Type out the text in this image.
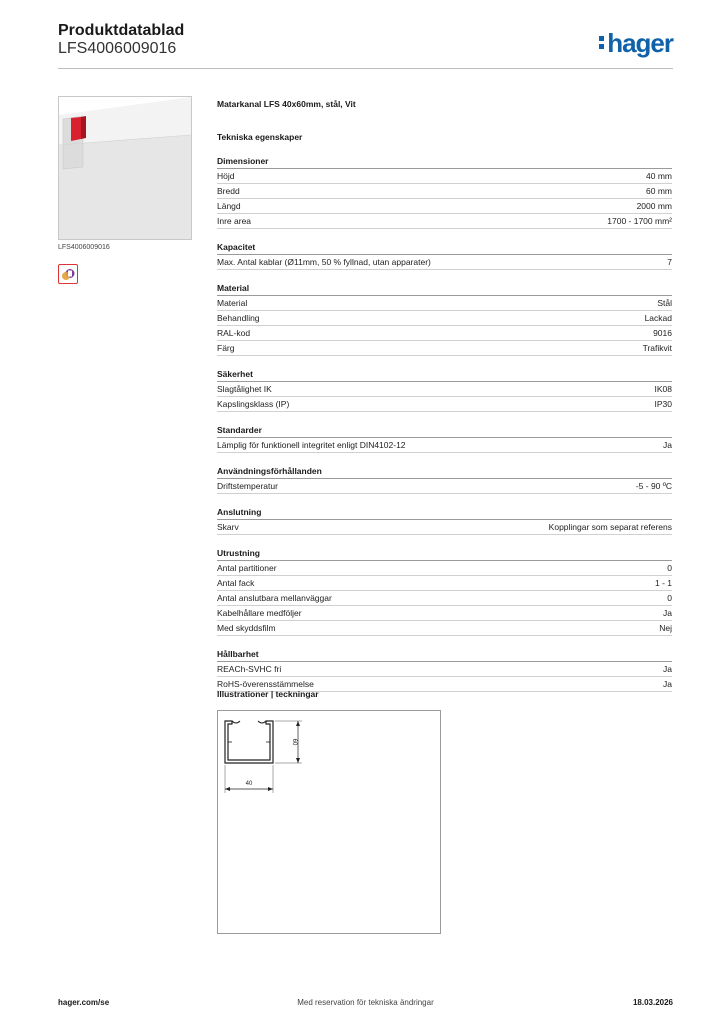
Produktdatablad
LFS4006009016	hager
LFS4006009016
Matarkanal LFS 40x60mm, stål, Vit
Tekniska egenskaper
Dimensioner
Höjd	40 mm
Bredd	60 mm
Längd	2000 mm
Inre area	1700 - 1700 mm²
Kapacitet
Max. Antal kablar (Ø11mm, 50 % fyllnad, utan apparater)	7
Material
Material	Stål
Behandling	Lackad
RAL-kod	9016
Färg	Trafikvit
Säkerhet
Slagtålighet IK	IK08
Kapslingsklass (IP)	IP30
Standarder
Lämplig för funktionell integritet enligt DIN4102-12	Ja
Användningsförhållanden
Driftstemperatur	-5 - 90 ºC
Anslutning
Skarv	Kopplingar som separat referens
Utrustning
Antal partitioner	0
Antal fack	1 - 1
Antal anslutbara mellanväggar	0
Kabelhållare medföljer	Ja
Med skyddsfilm	Nej
Hållbarhet
REACh-SVHC fri	Ja
RoHS-överensstämmelse	Ja
Illustrationer | teckningar
60
40
hager.com/se	Med reservation för tekniska ändringar	18.03.2026
